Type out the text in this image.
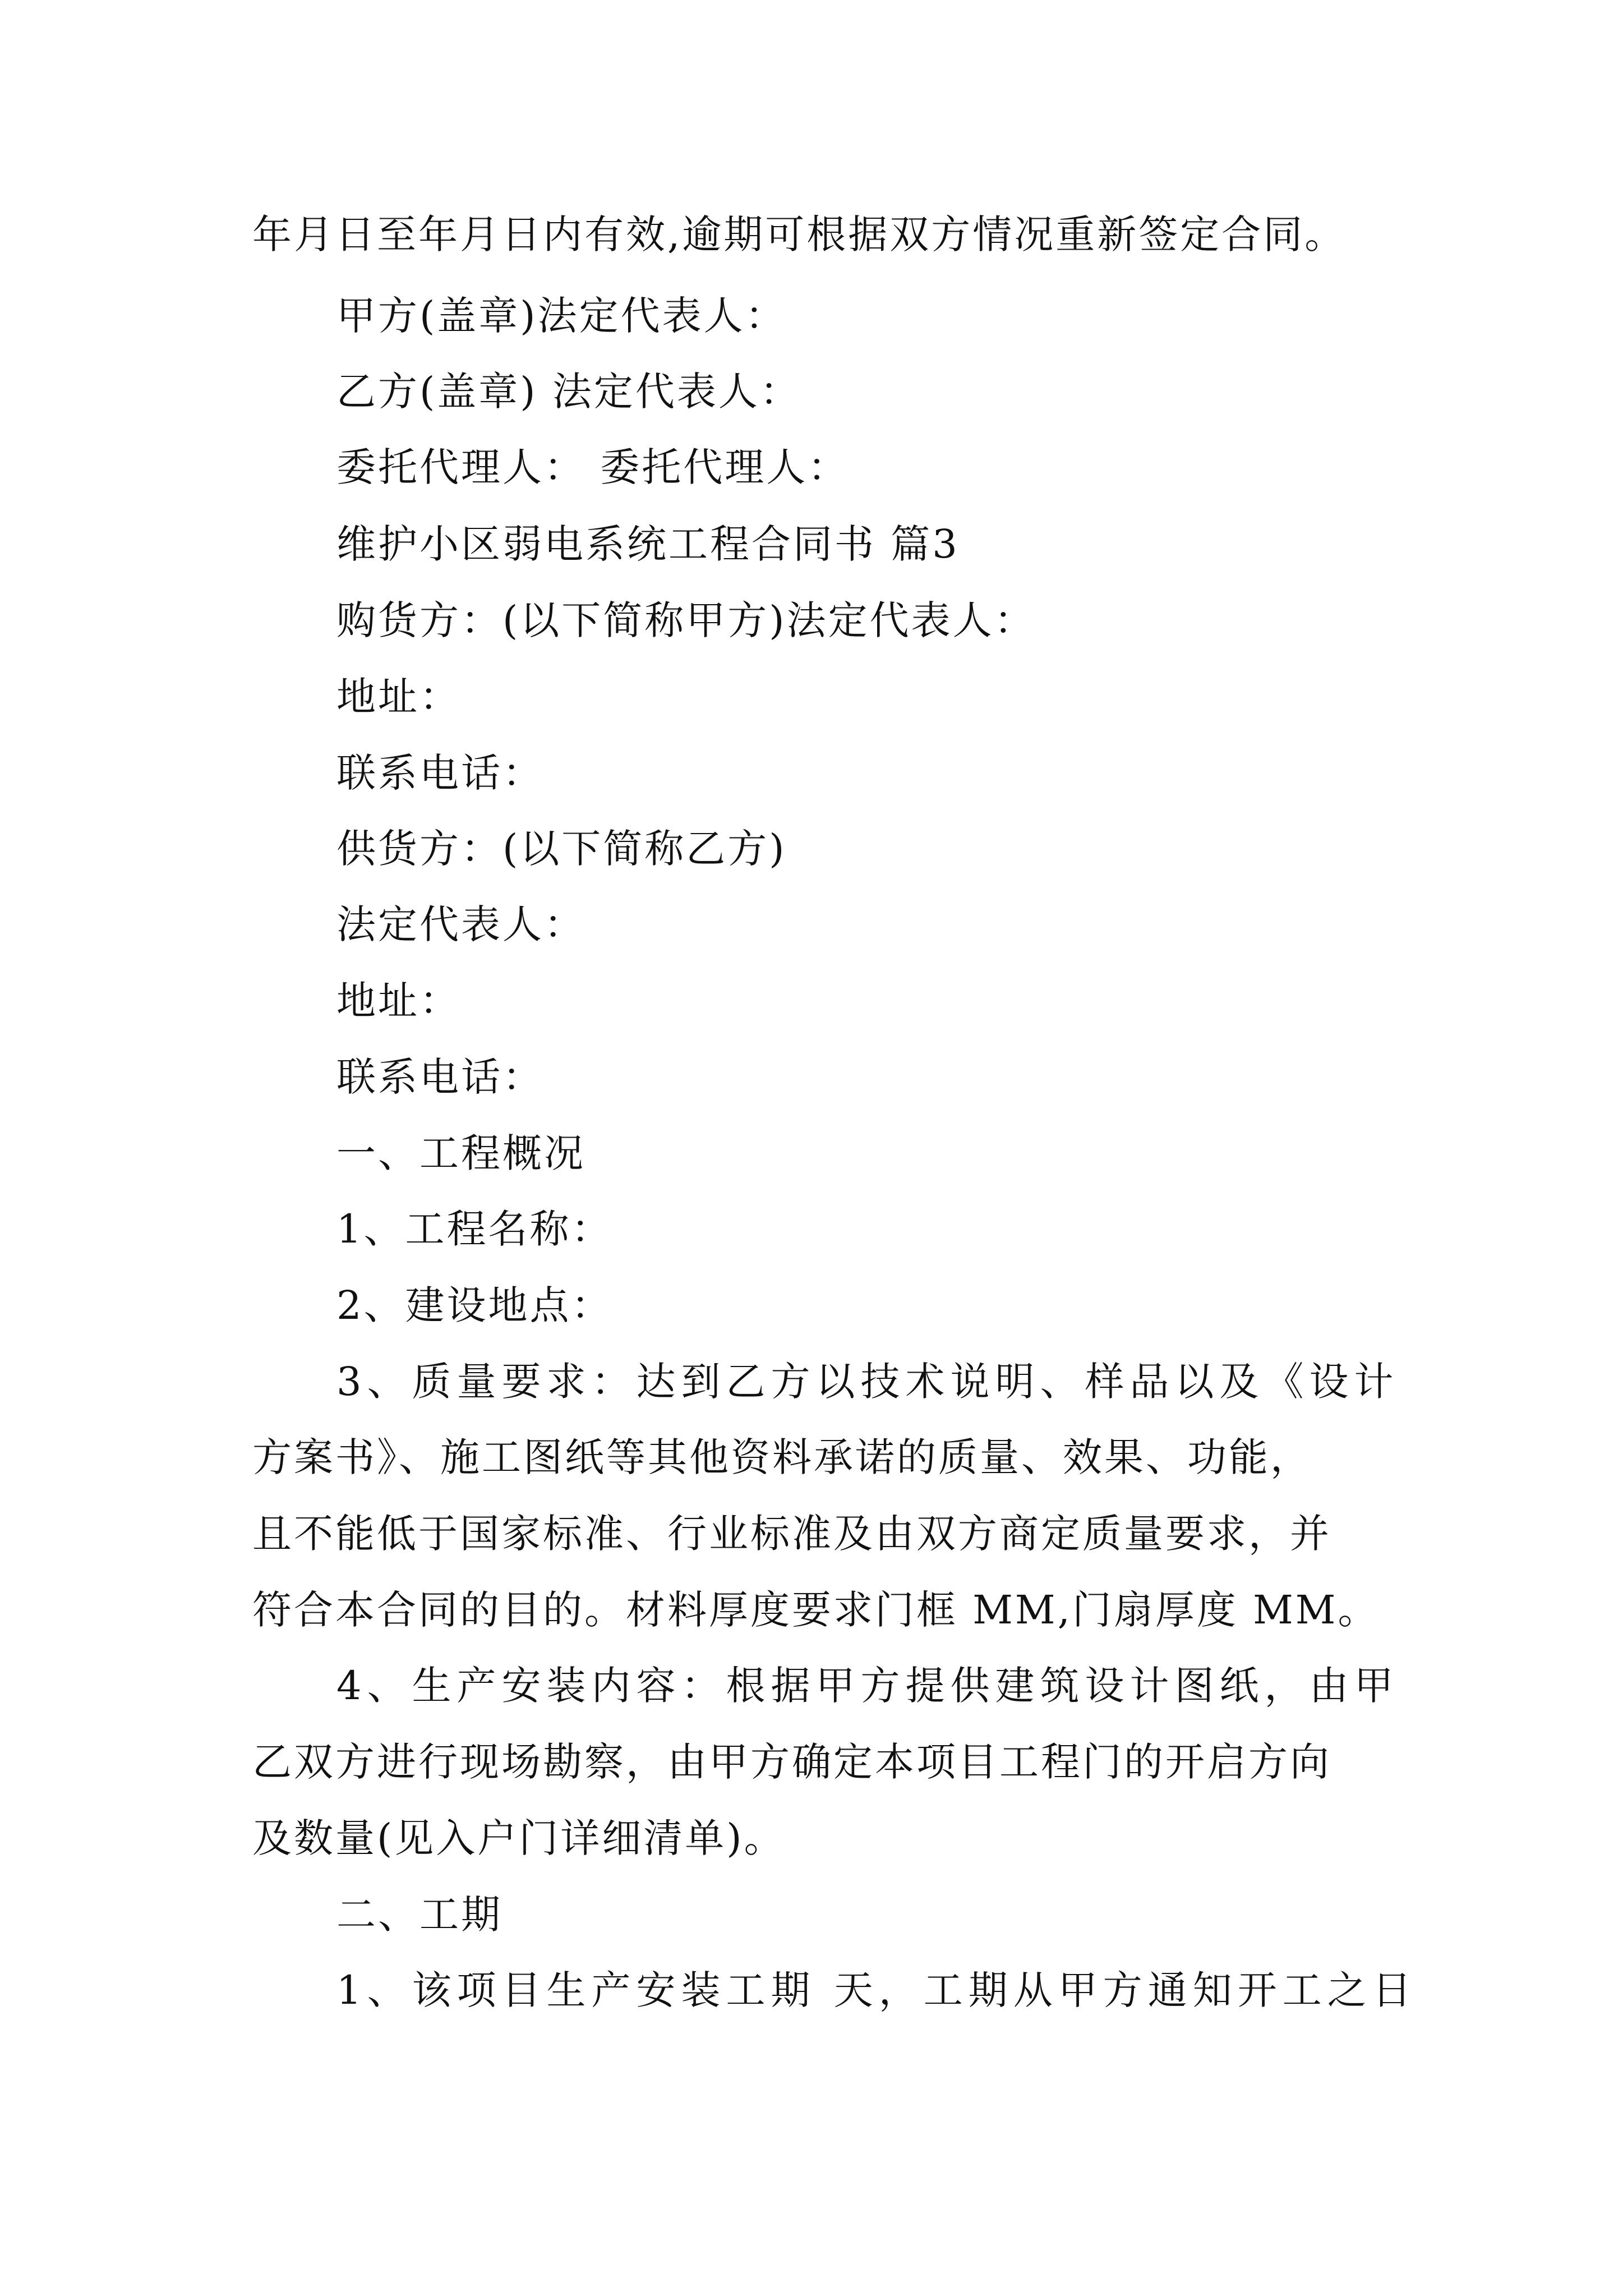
年月日至年月日内有效,逾期可根据双方情况重新签定合同。
甲方(盖章)法定代表人：
乙方(盖章) 法定代表人：
委托代理人： 委托代理人：
维护小区弱电系统工程合同书 篇3
购货方：(以下简称甲方)法定代表人：
地址：
联系电话：
供货方：(以下简称乙方)
法定代表人：
地址：
联系电话：
一、工程概况
1、工程名称：
2、建设地点：
3、质量要求：达到乙方以技术说明、样品以及《设计
方案书》、施工图纸等其他资料承诺的质量、效果、功能，
且不能低于国家标准、行业标准及由双方商定质量要求，并
符合本合同的目的。材料厚度要求门框 MM,门扇厚度 MM。
4、生产安装内容：根据甲方提供建筑设计图纸，由甲
乙双方进行现场勘察，由甲方确定本项目工程门的开启方向
及数量(见入户门详细清单)。
二、工期
1、该项目生产安装工期 天，工期从甲方通知开工之日
